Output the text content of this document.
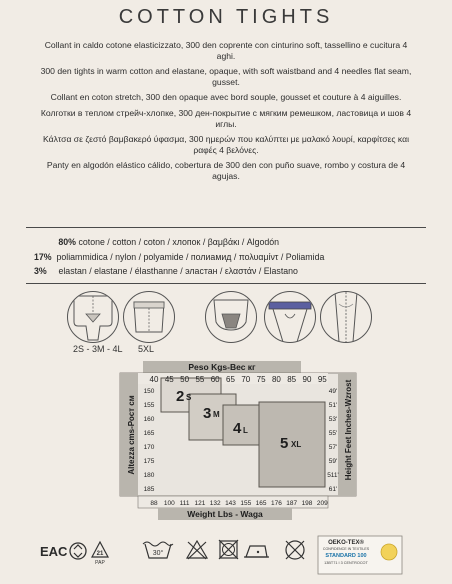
COTTON TIGHTS
Collant in caldo cotone elasticizzato, 300 den coprente con cinturino soft, tassellino e cucitura 4 aghi.
300 den tights in warm cotton and elastane, opaque, with soft waistband and 4 needles flat seam, gusset.
Collant en coton stretch, 300 den opaque avec bord souple, gousset et couture à 4 aiguilles.
Колготки в теплом стрейч-хлопке, 300 ден-покрытие с мягким ремешком, ластовица и шов 4 иглы.
Κάλτσα σε ζεστό βαμβακερό ύφασμα, 300 ημερών που καλύπτει με μαλακό λουρί, καρφίτσες και ραφές 4 βελόνες.
Panty en algodón elástico cálido, cobertura de 300 den con puño suave, rombo y costura de 4 agujas.
80% cotone / cotton / coton / хлопок / βαμβάκι / Algodón
17% poliammidica / nylon / polyamide / полиамид / πολυαμίντ / Poliamida
3% elastan / elastane / élasthanne / эластан / ελαστάν / Elastano
2S - 3M - 4L 5XL
Peso Kgs-Вес кг
Weight Lbs - Waga
Altezza cms-Рост см	Height Feet Inches-Wzrost
2 S
3 M
4 L
5 XL
40 45 50 55 60 65 70 75 80 85 90 95
88 100 111 121 132 143 155 165 176 187 198 209
150
155
160
165
170
175
180
185
49'
51'
53'
55'
57'
59'
511'
61'
EAC	21
PAP
30°
OEKO-TEX®
CONFIDENCE IN TEXTILES
STANDARD 100
13BT71 I 3 CENTROCOT
